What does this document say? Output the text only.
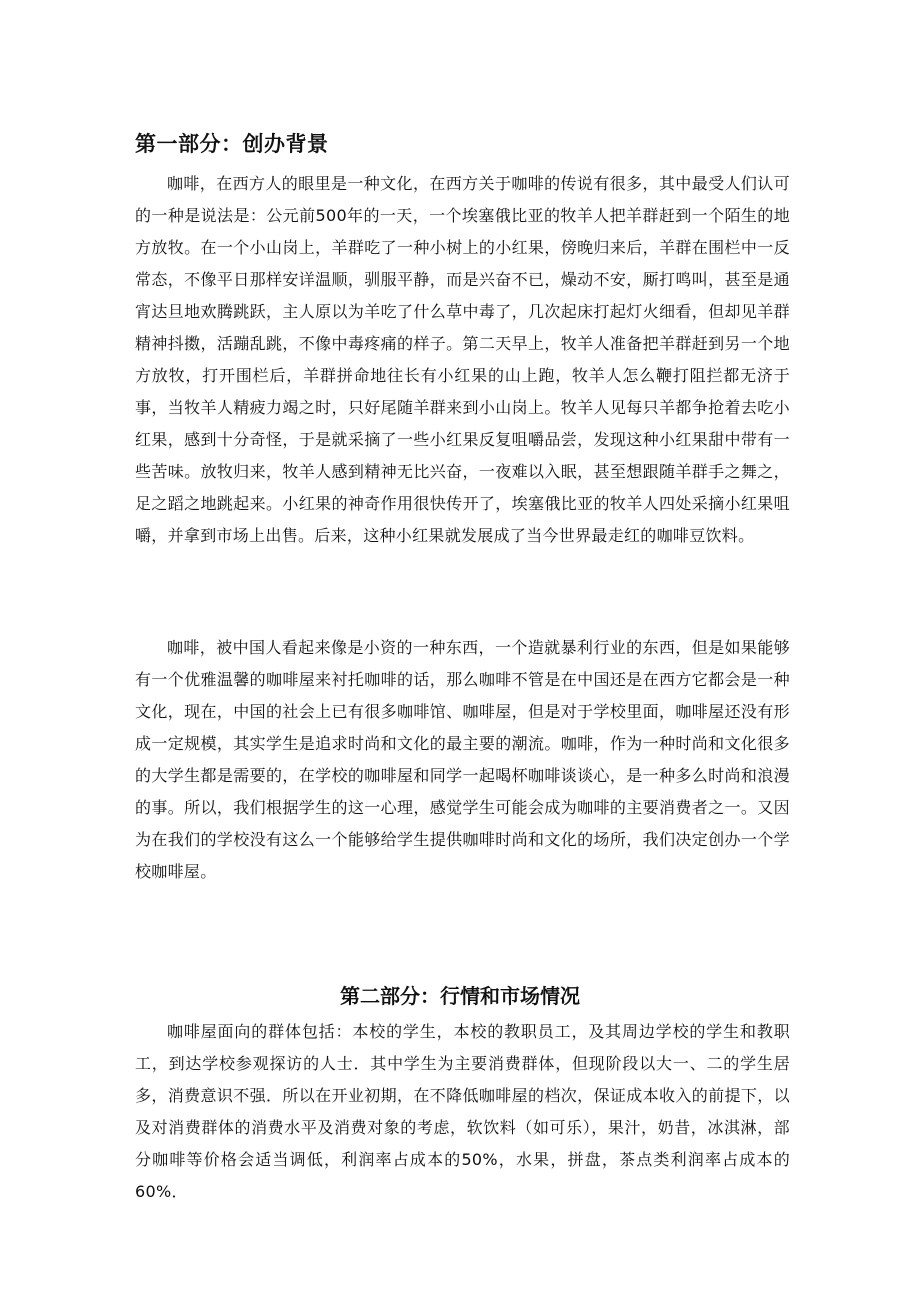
第一部分：创办背景

咖啡，在西方人的眼里是一种文化，在西方关于咖啡的传说有很多，其中最受人们认可的一种是说法是：公元前500年的一天，一个埃塞俄比亚的牧羊人把羊群赶到一个陌生的地方放牧。在一个小山岗上，羊群吃了一种小树上的小红果，傍晚归来后，羊群在围栏中一反常态，不像平日那样安详温顺，驯服平静，而是兴奋不已，燥动不安，厮打鸣叫，甚至是通宵达旦地欢腾跳跃，主人原以为羊吃了什么草中毒了，几次起床打起灯火细看，但却见羊群精神抖擞，活蹦乱跳，不像中毒疼痛的样子。第二天早上，牧羊人准备把羊群赶到另一个地方放牧，打开围栏后，羊群拼命地往长有小红果的山上跑，牧羊人怎么鞭打阻拦都无济于事，当牧羊人精疲力竭之时，只好尾随羊群来到小山岗上。牧羊人见每只羊都争抢着去吃小红果，感到十分奇怪，于是就采摘了一些小红果反复咀嚼品尝，发现这种小红果甜中带有一些苦味。放牧归来，牧羊人感到精神无比兴奋，一夜难以入眠，甚至想跟随羊群手之舞之，足之蹈之地跳起来。小红果的神奇作用很快传开了，埃塞俄比亚的牧羊人四处采摘小红果咀嚼，并拿到市场上出售。后来，这种小红果就发展成了当今世界最走红的咖啡豆饮料。

咖啡，被中国人看起来像是小资的一种东西，一个造就暴利行业的东西，但是如果能够有一个优雅温馨的咖啡屋来衬托咖啡的话，那么咖啡不管是在中国还是在西方它都会是一种文化，现在，中国的社会上已有很多咖啡馆、咖啡屋，但是对于学校里面，咖啡屋还没有形成一定规模，其实学生是追求时尚和文化的最主要的潮流。咖啡，作为一种时尚和文化很多的大学生都是需要的，在学校的咖啡屋和同学一起喝杯咖啡谈谈心，是一种多么时尚和浪漫的事。所以，我们根据学生的这一心理，感觉学生可能会成为咖啡的主要消费者之一。又因为在我们的学校没有这么一个能够给学生提供咖啡时尚和文化的场所，我们决定创办一个学校咖啡屋。

第二部分：行情和市场情况

咖啡屋面向的群体包括：本校的学生，本校的教职员工，及其周边学校的学生和教职工，到达学校参观探访的人士．其中学生为主要消费群体，但现阶段以大一、二的学生居多，消费意识不强．所以在开业初期，在不降低咖啡屋的档次，保证成本收入的前提下，以及对消费群体的消费水平及消费对象的考虑，软饮料（如可乐），果汁，奶昔，冰淇淋，部分咖啡等价格会适当调低，利润率占成本的50%，水果，拼盘，茶点类利润率占成本的60%．
